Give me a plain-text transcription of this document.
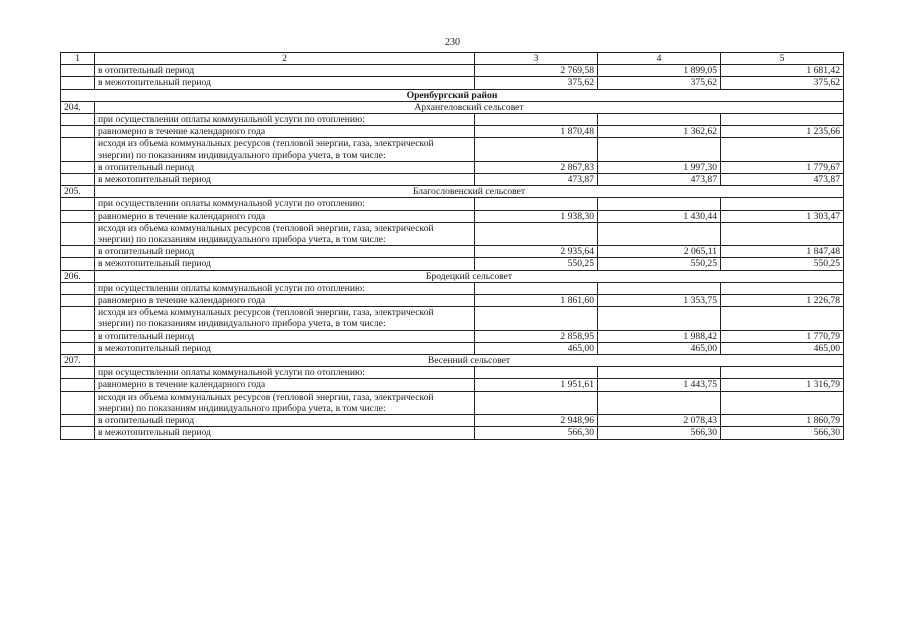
230
1	2	3	4	5
	в отопительный период	2 769,58	1 899,05	1 681,42
	в межотопительный период	375,62	375,62	375,62
Оренбургский район				
204.	Архангеловский сельсовет			
	при осуществлении оплаты коммунальной услуги по отоплению:			
	равномерно в течение календарного года	1 870,48	1 362,62	1 235,66
	исходя из объема коммунальных ресурсов (тепловой энергии, газа, электрической энергии) по показаниям индивидуального прибора учета, в том числе:			
	в отопительный период	2 867,83	1 997,30	1 779,67
	в межотопительный период	473,87	473,87	473,87
205.	Благословенский сельсовет			
	при осуществлении оплаты коммунальной услуги по отоплению:			
	равномерно в течение календарного года	1 938,30	1 430,44	1 303,47
	исходя из объема коммунальных ресурсов (тепловой энергии, газа, электрической энергии) по показаниям индивидуального прибора учета, в том числе:			
	в отопительный период	2 935,64	2 065,11	1 847,48
	в межотопительный период	550,25	550,25	550,25
206.	Бродецкий сельсовет			
	при осуществлении оплаты коммунальной услуги по отоплению:			
	равномерно в течение календарного года	1 861,60	1 353,75	1 226,78
	исходя из объема коммунальных ресурсов (тепловой энергии, газа, электрической энергии) по показаниям индивидуального прибора учета, в том числе:			
	в отопительный период	2 858,95	1 988,42	1 770,79
	в межотопительный период	465,00	465,00	465,00
207.	Весенний сельсовет			
	при осуществлении оплаты коммунальной услуги по отоплению:			
	равномерно в течение календарного года	1 951,61	1 443,75	1 316,79
	исходя из объема коммунальных ресурсов (тепловой энергии, газа, электрической энергии) по показаниям индивидуального прибора учета, в том числе:			
	в отопительный период	2 948,96	2 078,43	1 860,79
	в межотопительный период	566,30	566,30	566,30
